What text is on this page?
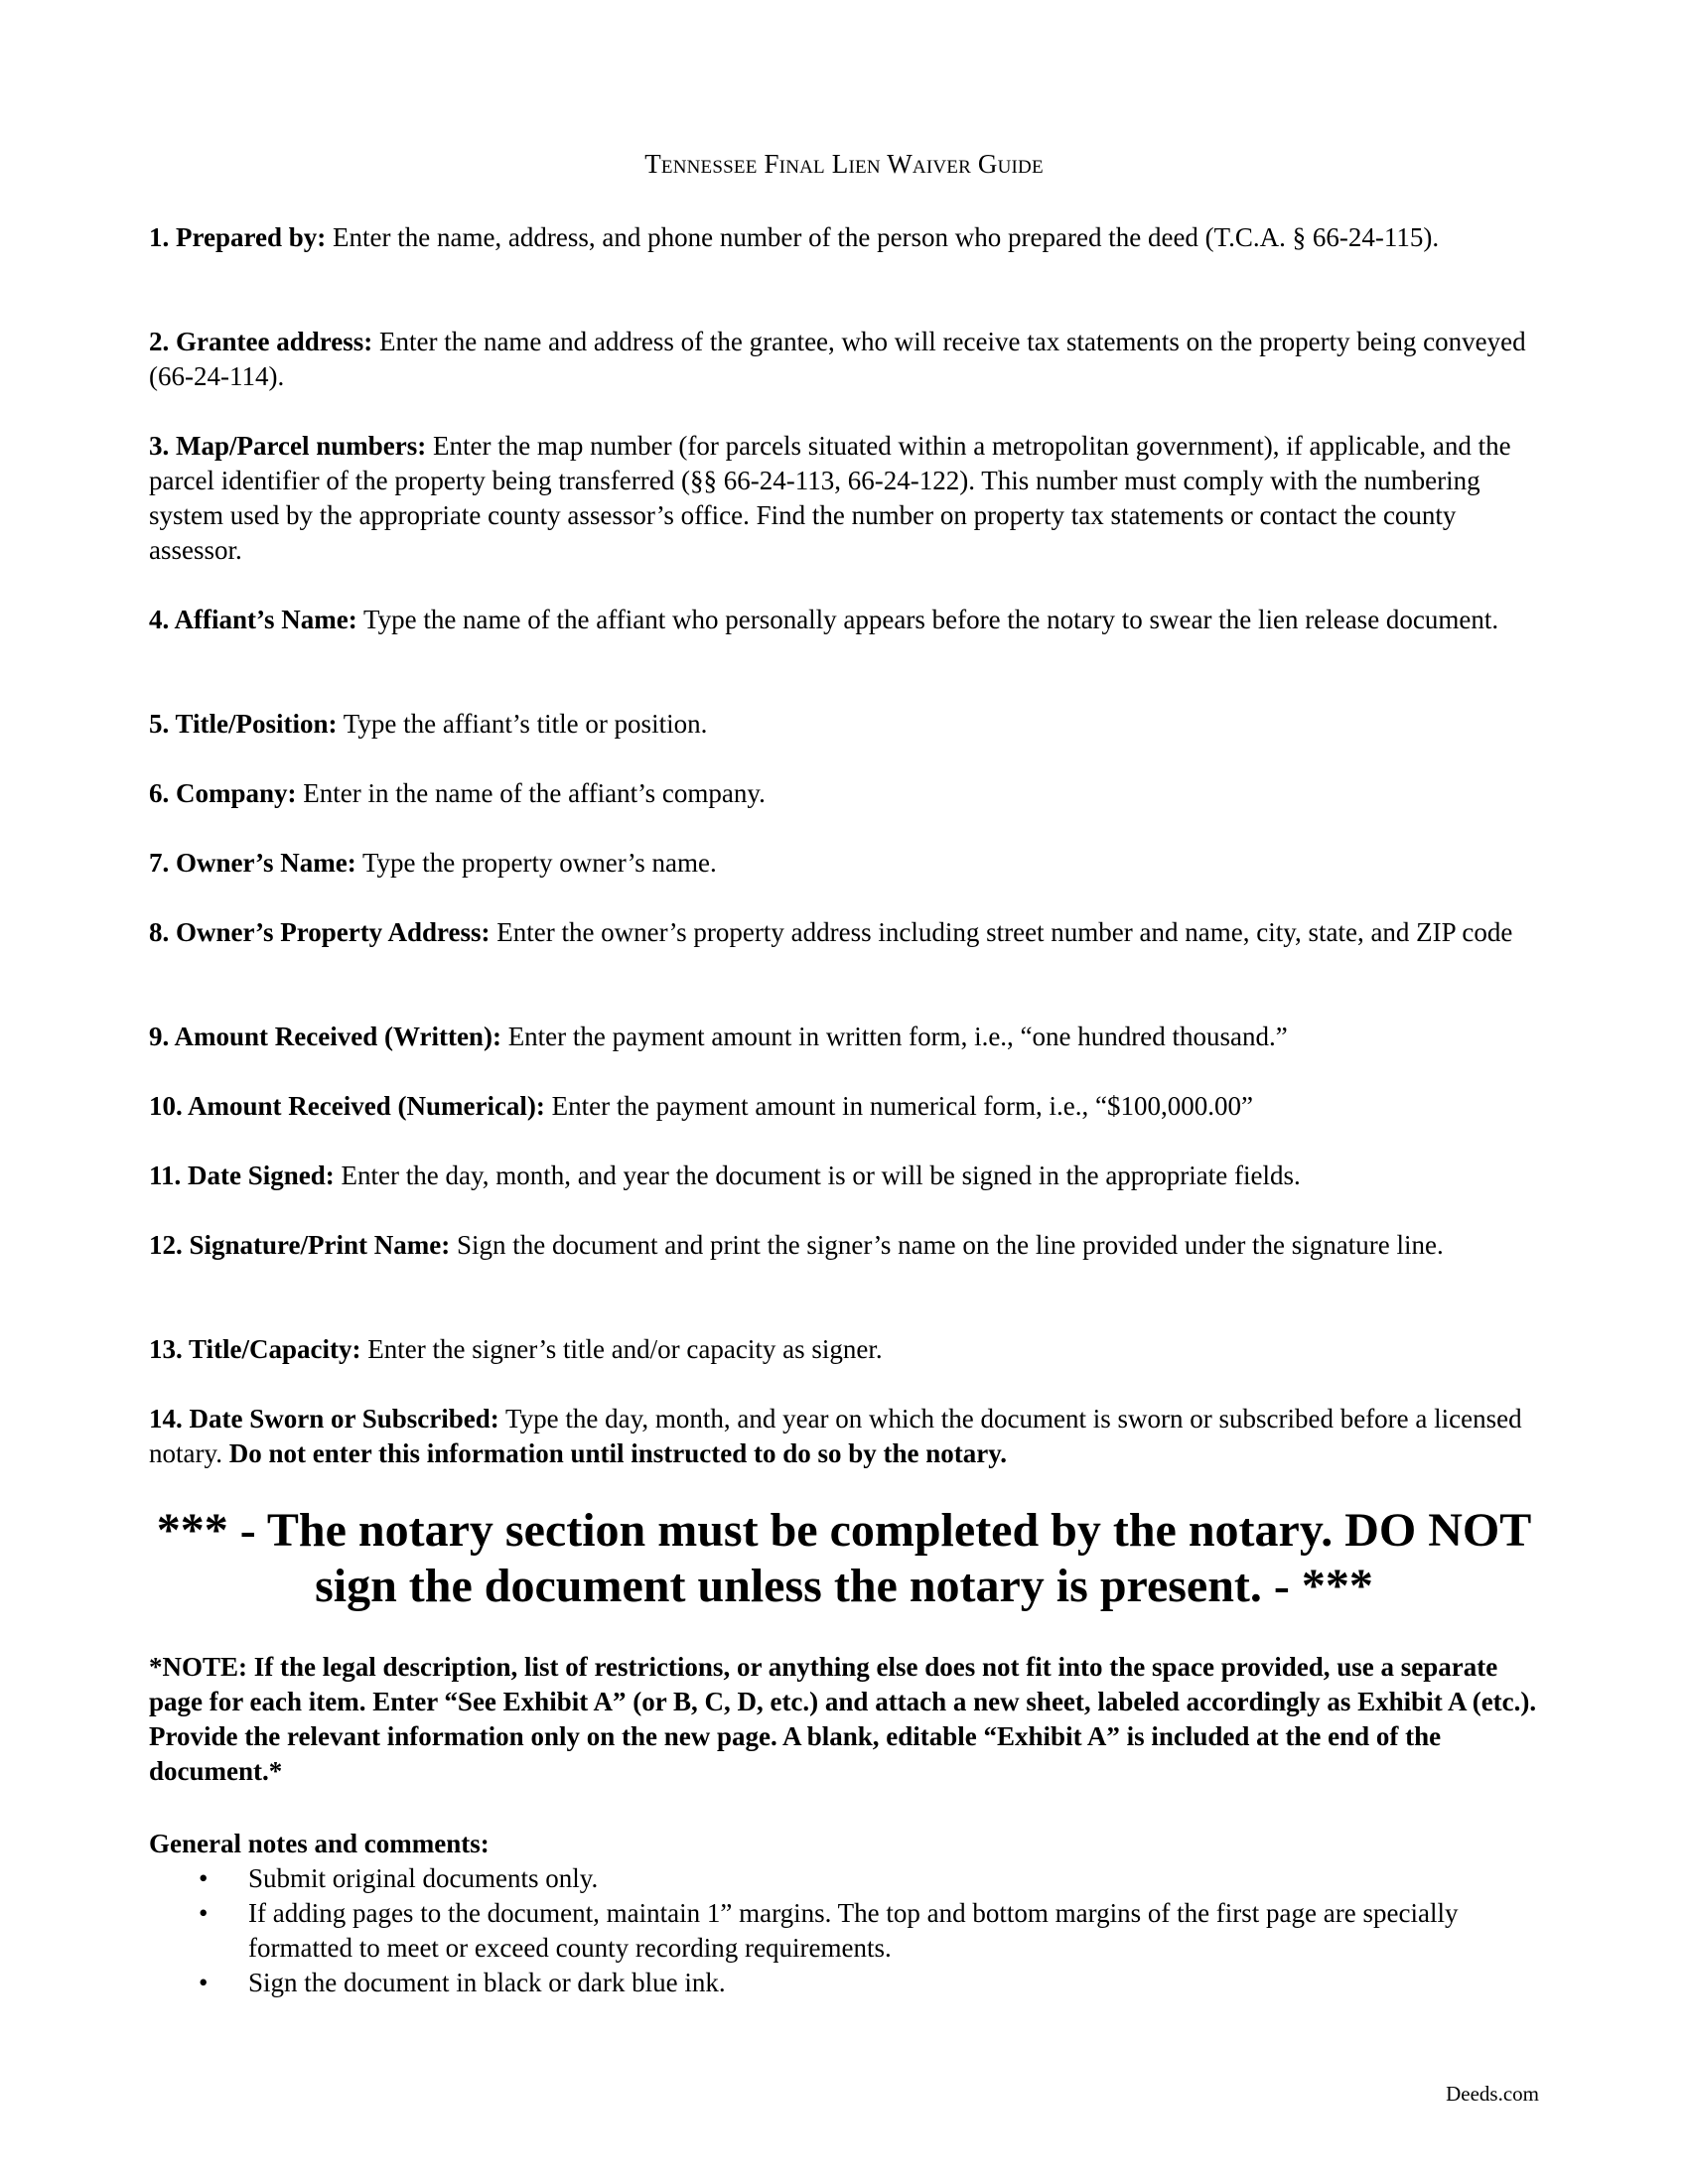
Tennessee Final Lien Waiver Guide

1. Prepared by: Enter the name, address, and phone number of the person who prepared the deed (T.C.A. § 66-24-115).

2. Grantee address: Enter the name and address of the grantee, who will receive tax statements on the property being conveyed (66-24-114).

3. Map/Parcel numbers: Enter the map number (for parcels situated within a metropolitan government), if applicable, and the parcel identifier of the property being transferred (§§ 66-24-113, 66-24-122). This number must comply with the numbering system used by the appropriate county assessor’s office. Find the number on property tax statements or contact the county assessor.

4. Affiant’s Name: Type the name of the affiant who personally appears before the notary to swear the lien release document.

5. Title/Position: Type the affiant’s title or position.

6. Company: Enter in the name of the affiant’s company.

7. Owner’s Name: Type the property owner’s name.

8. Owner’s Property Address: Enter the owner’s property address including street number and name, city, state, and ZIP code

9. Amount Received (Written): Enter the payment amount in written form, i.e., “one hundred thousand.”

10. Amount Received (Numerical): Enter the payment amount in numerical form, i.e., “$100,000.00”

11. Date Signed: Enter the day, month, and year the document is or will be signed in the appropriate fields.

12. Signature/Print Name: Sign the document and print the signer’s name on the line provided under the signature line.

13. Title/Capacity: Enter the signer’s title and/or capacity as signer.

14. Date Sworn or Subscribed: Type the day, month, and year on which the document is sworn or subscribed before a licensed notary. Do not enter this information until instructed to do so by the notary.

*** - The notary section must be completed by the notary. DO NOT sign the document unless the notary is present. - ***
*NOTE: If the legal description, list of restrictions, or anything else does not fit into the space provided, use a separate page for each item. Enter “See Exhibit A” (or B, C, D, etc.) and attach a new sheet, labeled accordingly as Exhibit A (etc.). Provide the relevant information only on the new page. A blank, editable “Exhibit A” is included at the end of the document.*
General notes and comments:
• Submit original documents only.
• If adding pages to the document, maintain 1” margins. The top and bottom margins of the first page are specially formatted to meet or exceed county recording requirements.
• Sign the document in black or dark blue ink.
Deeds.com
